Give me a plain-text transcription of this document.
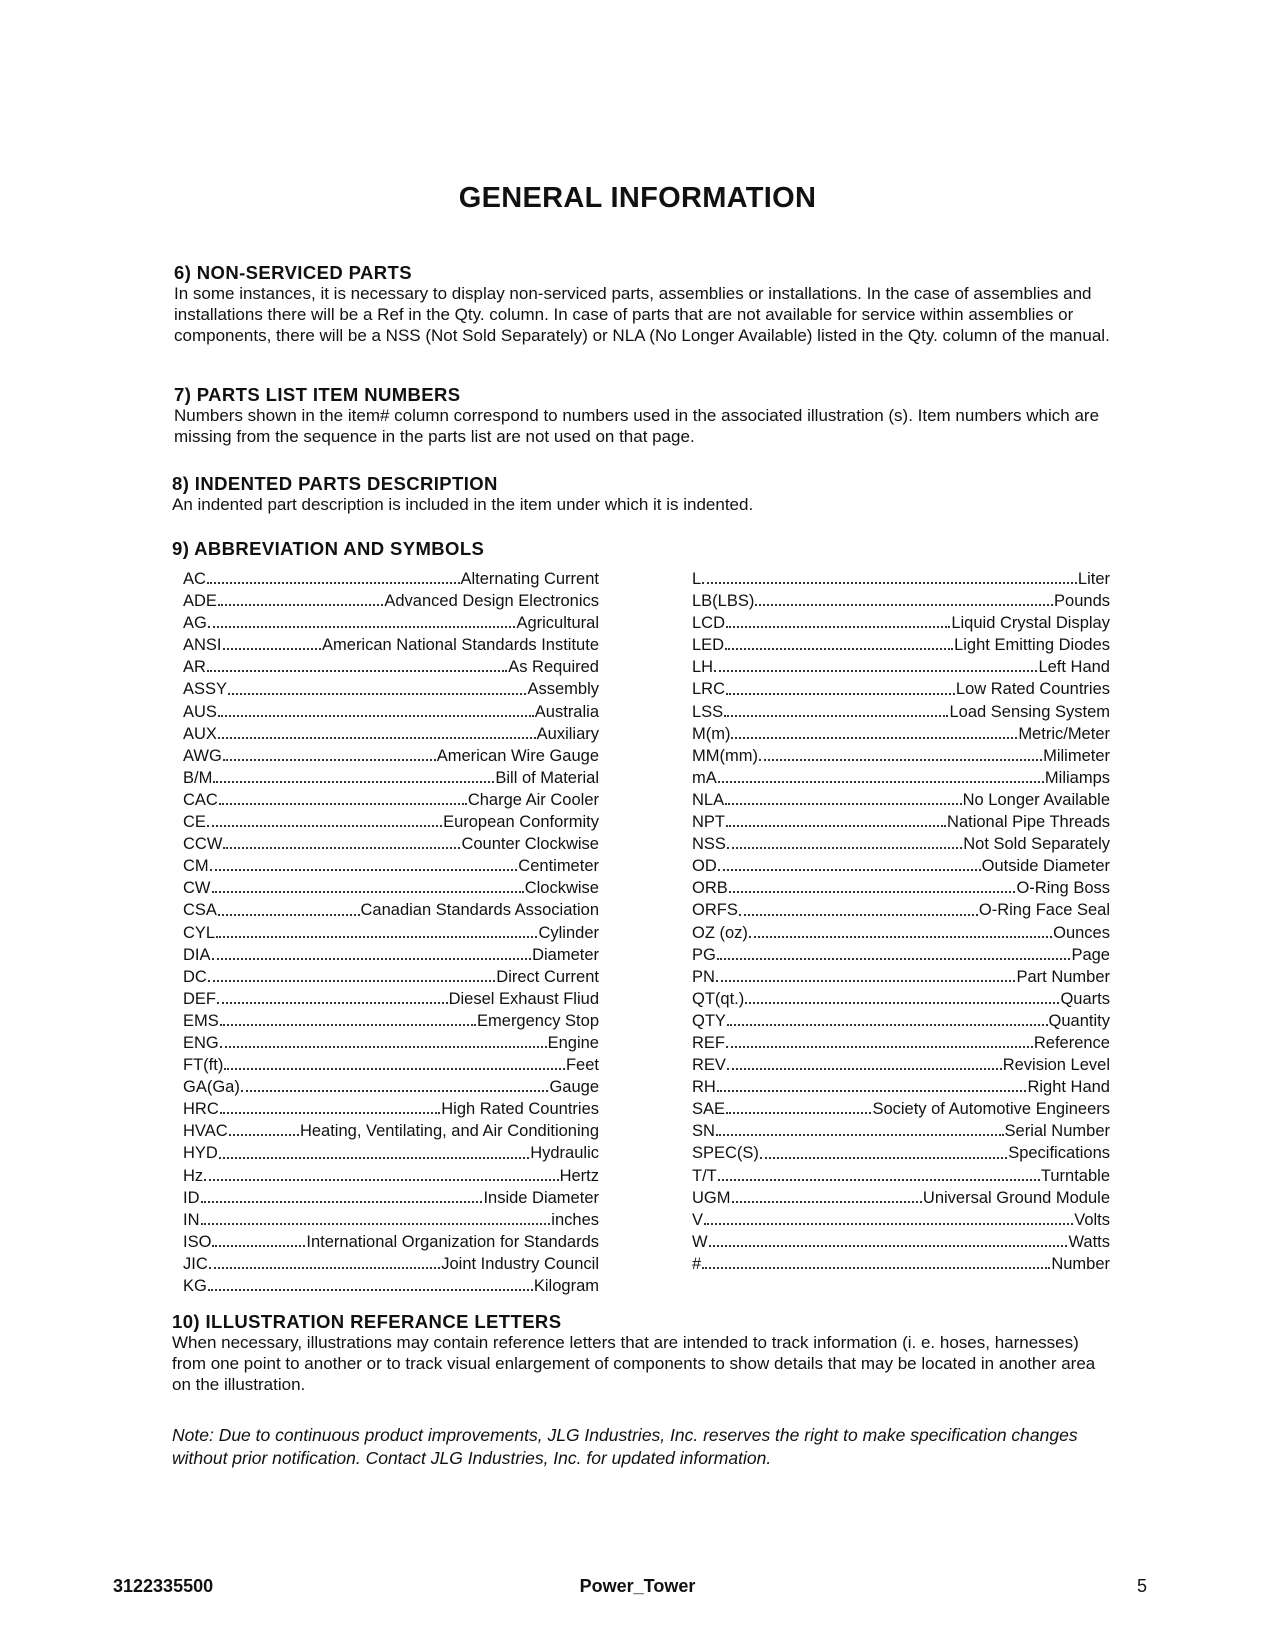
GENERAL INFORMATION
6) NON-SERVICED PARTS

In some instances, it is necessary to display non-serviced parts, assemblies or installations. In the case of assemblies and installations there will be a Ref in the Qty. column. In case of parts that are not available for service within assemblies or components, there will be a NSS (Not Sold Separately) or NLA (No Longer Available) listed in the Qty. column of the manual.

7) PARTS LIST ITEM NUMBERS

Numbers shown in the item# column correspond to numbers used in the associated illustration (s). Item numbers which are missing from the sequence in the parts list are not used on that page.

8) INDENTED PARTS DESCRIPTION

An indented part description is included in the item under which it is indented.

9) ABBREVIATION AND SYMBOLS
AC	Alternating Current
ADE	Advanced Design Electronics
AG	Agricultural
ANSI	American National Standards Institute
AR	As Required
ASSY	Assembly
AUS	Australia
AUX	Auxiliary
AWG	American Wire Gauge
B/M	Bill of Material
CAC	Charge Air Cooler
CE	European Conformity
CCW	Counter Clockwise
CM	Centimeter
CW	Clockwise
CSA	Canadian Standards Association
CYL	Cylinder
DIA	Diameter
DC	Direct Current
DEF	Diesel Exhaust Fliud
EMS	Emergency Stop
ENG	Engine
FT(ft)	Feet
GA(Ga)	Gauge
HRC	High Rated Countries
HVAC	Heating, Ventilating, and Air Conditioning
HYD	Hydraulic
Hz	Hertz
ID	Inside Diameter
IN	inches
ISO	International Organization for Standards
JIC	Joint Industry Council
KG	Kilogram
L	Liter
LB(LBS)	Pounds
LCD	Liquid Crystal Display
LED	Light Emitting Diodes
LH	Left Hand
LRC	Low Rated Countries
LSS	Load Sensing System
M(m)	Metric/Meter
MM(mm)	Milimeter
mA	Miliamps
NLA	No Longer Available
NPT	National Pipe Threads
NSS	Not Sold Separately
OD	Outside Diameter
ORB	O-Ring Boss
ORFS	O-Ring Face Seal
OZ (oz)	Ounces
PG	Page
PN	Part Number
QT(qt.)	Quarts
QTY	Quantity
REF	Reference
REV	Revision Level
RH	Right Hand
SAE	Society of Automotive Engineers
SN	Serial Number
SPEC(S)	Specifications
T/T	Turntable
UGM	Universal Ground Module
V	Volts
W	Watts
#	Number
10) ILLUSTRATION REFERANCE LETTERS

When necessary, illustrations may contain reference letters that are intended to track information (i. e. hoses, harnesses) from one point to another or to track visual enlargement of components to show details that may be located in another area on the illustration.

Note: Due to continuous product improvements, JLG Industries, Inc. reserves the right to make specification changes without prior notification. Contact JLG Industries, Inc. for updated information.
3122335500	Power_Tower	5
